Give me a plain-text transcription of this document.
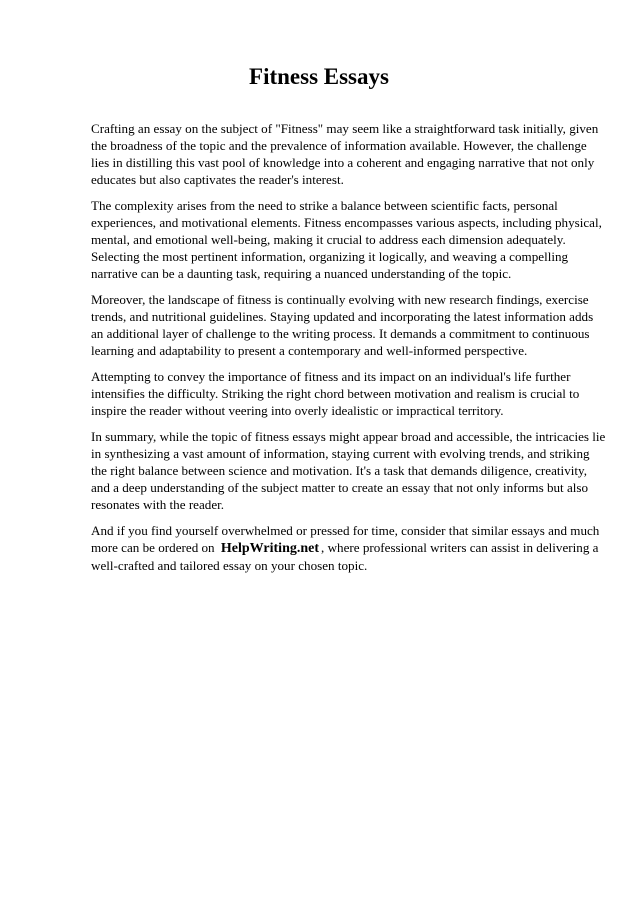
Fitness Essays

Crafting an essay on the subject of "Fitness" may seem like a straightforward task initially, given the broadness of the topic and the prevalence of information available. However, the challenge lies in distilling this vast pool of knowledge into a coherent and engaging narrative that not only educates but also captivates the reader's interest.

The complexity arises from the need to strike a balance between scientific facts, personal experiences, and motivational elements. Fitness encompasses various aspects, including physical, mental, and emotional well-being, making it crucial to address each dimension adequately. Selecting the most pertinent information, organizing it logically, and weaving a compelling narrative can be a daunting task, requiring a nuanced understanding of the topic.

Moreover, the landscape of fitness is continually evolving with new research findings, exercise trends, and nutritional guidelines. Staying updated and incorporating the latest information adds an additional layer of challenge to the writing process. It demands a commitment to continuous learning and adaptability to present a contemporary and well-informed perspective.

Attempting to convey the importance of fitness and its impact on an individual's life further intensifies the difficulty. Striking the right chord between motivation and realism is crucial to inspire the reader without veering into overly idealistic or impractical territory.

In summary, while the topic of fitness essays might appear broad and accessible, the intricacies lie in synthesizing a vast amount of information, staying current with evolving trends, and striking the right balance between science and motivation. It's a task that demands diligence, creativity, and a deep understanding of the subject matter to create an essay that not only informs but also resonates with the reader.

And if you find yourself overwhelmed or pressed for time, consider that similar essays and much more can be ordered on HelpWriting.net , where professional writers can assist in delivering a well-crafted and tailored essay on your chosen topic.
